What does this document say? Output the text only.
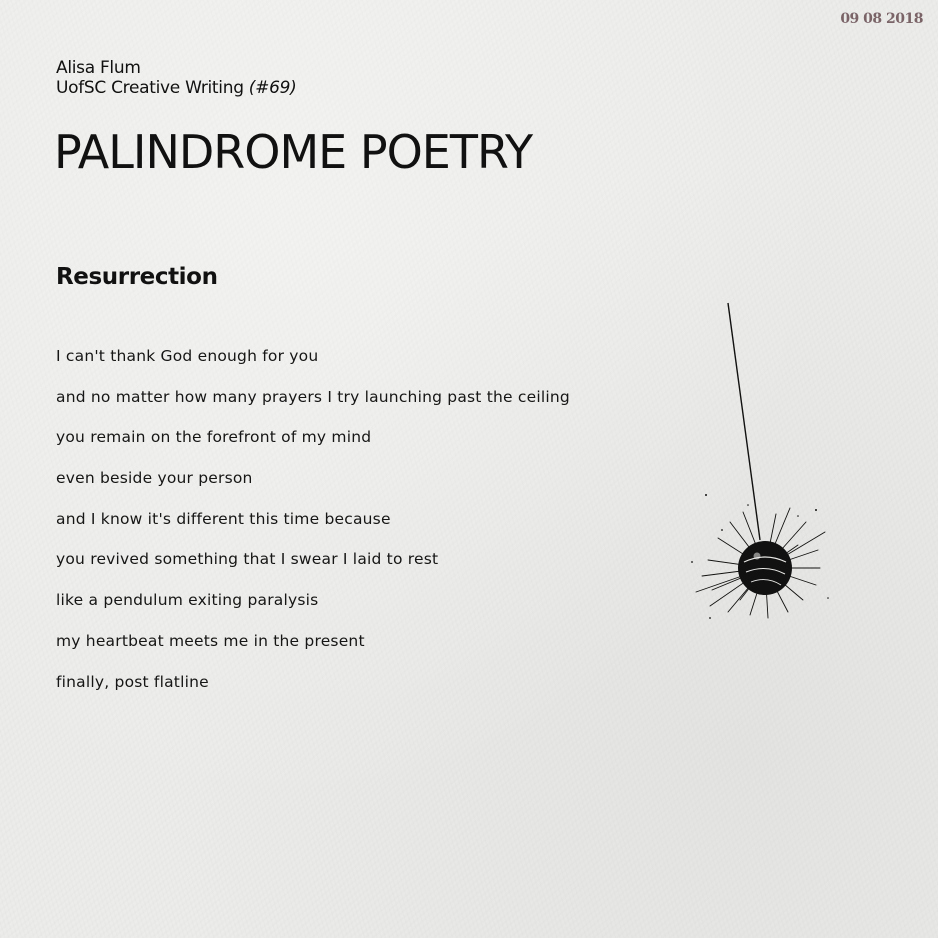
09 08 2018
Alisa Flum
UofSC Creative Writing (#69)
PALINDROME POETRY
Resurrection
I can't thank God enough for you
and no matter how many prayers I try launching past the ceiling
you remain on the forefront of my mind
even beside your person
and I know it's different this time because
you revived something that I swear I laid to rest
like a pendulum exiting paralysis
my heartbeat meets me in the present
finally, post flatline
